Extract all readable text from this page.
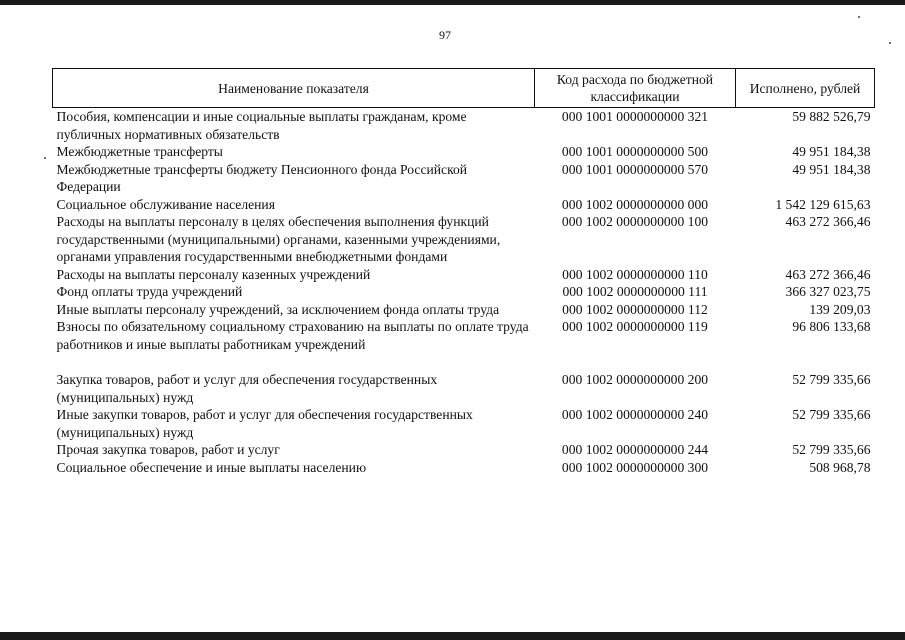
97
Наименование показателя	Код расхода по бюджетной классификации	Исполнено, рублей
Пособия, компенсации и иные социальные выплаты гражданам, кроме публичных нормативных обязательств	000 1001 0000000000 321	59 882 526,79
Межбюджетные трансферты	000 1001 0000000000 500	49 951 184,38
Межбюджетные трансферты бюджету Пенсионного фонда Российской Федерации	000 1001 0000000000 570	49 951 184,38
Социальное обслуживание населения	000 1002 0000000000 000	1 542 129 615,63
Расходы на выплаты персоналу в целях обеспечения выполнения функций государственными (муниципальными) органами, казенными учреждениями, органами управления государственными внебюджетными фондами	000 1002 0000000000 100	463 272 366,46
Расходы на выплаты персоналу казенных учреждений	000 1002 0000000000 110	463 272 366,46
Фонд оплаты труда учреждений	000 1002 0000000000 111	366 327 023,75
Иные выплаты персоналу учреждений, за исключением фонда оплаты труда	000 1002 0000000000 112	139 209,03
Взносы по обязательному социальному страхованию на выплаты по оплате труда работников и иные выплаты работникам учреждений	000 1002 0000000000 119	96 806 133,68

Закупка товаров, работ и услуг для обеспечения государственных (муниципальных) нужд	000 1002 0000000000 200	52 799 335,66
Иные закупки товаров, работ и услуг для обеспечения государственных (муниципальных) нужд	000 1002 0000000000 240	52 799 335,66
Прочая закупка товаров, работ и услуг	000 1002 0000000000 244	52 799 335,66
Социальное обеспечение и иные выплаты населению	000 1002 0000000000 300	508 968,78
